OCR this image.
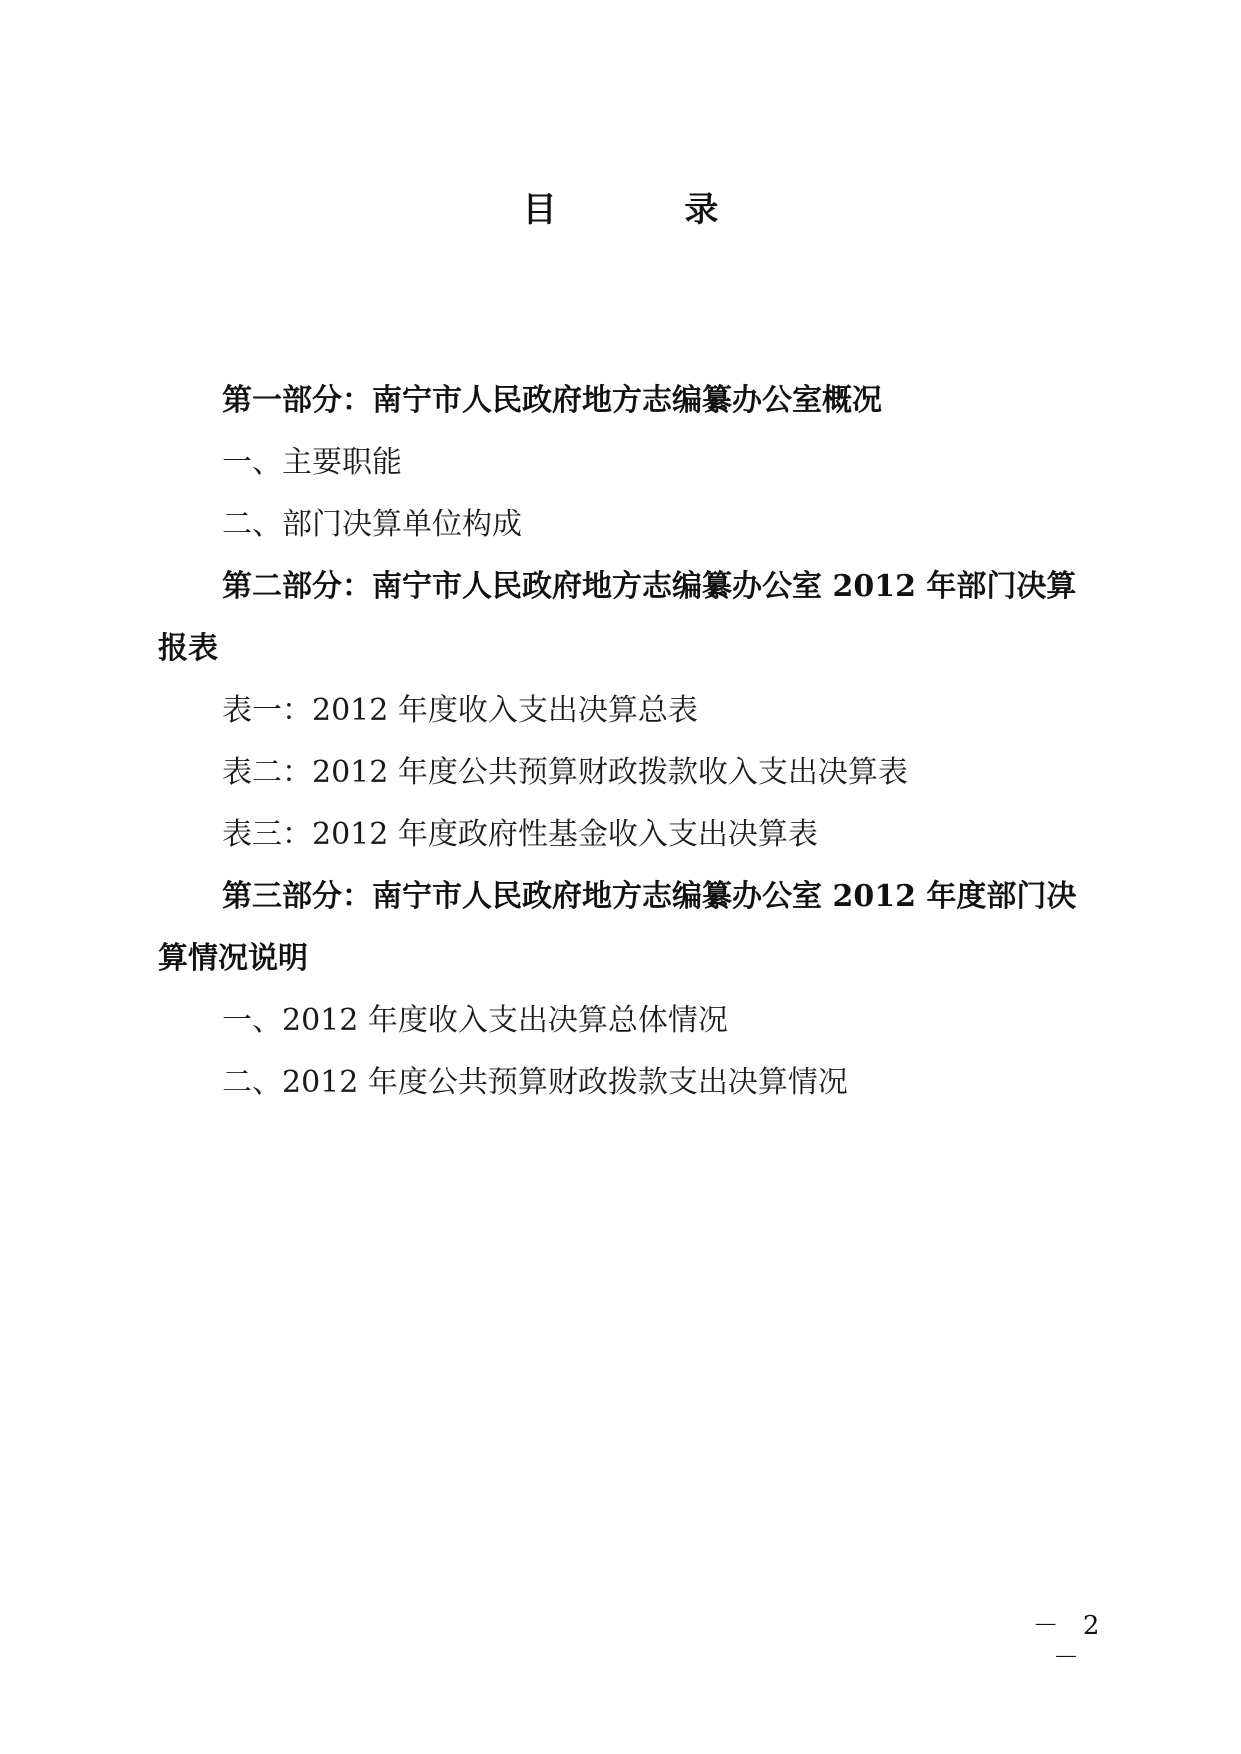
目 录
第一部分：南宁市人民政府地方志编纂办公室概况
一、主要职能
二、部门决算单位构成
第二部分：南宁市人民政府地方志编纂办公室 2012 年部门决算报表
表一：2012 年度收入支出决算总表
表二：2012 年度公共预算财政拨款收入支出决算表
表三：2012 年度政府性基金收入支出决算表
第三部分：南宁市人民政府地方志编纂办公室 2012 年度部门决算情况说明
一、2012 年度收入支出决算总体情况
二、2012 年度公共预算财政拨款支出决算情况
－ 2 －
